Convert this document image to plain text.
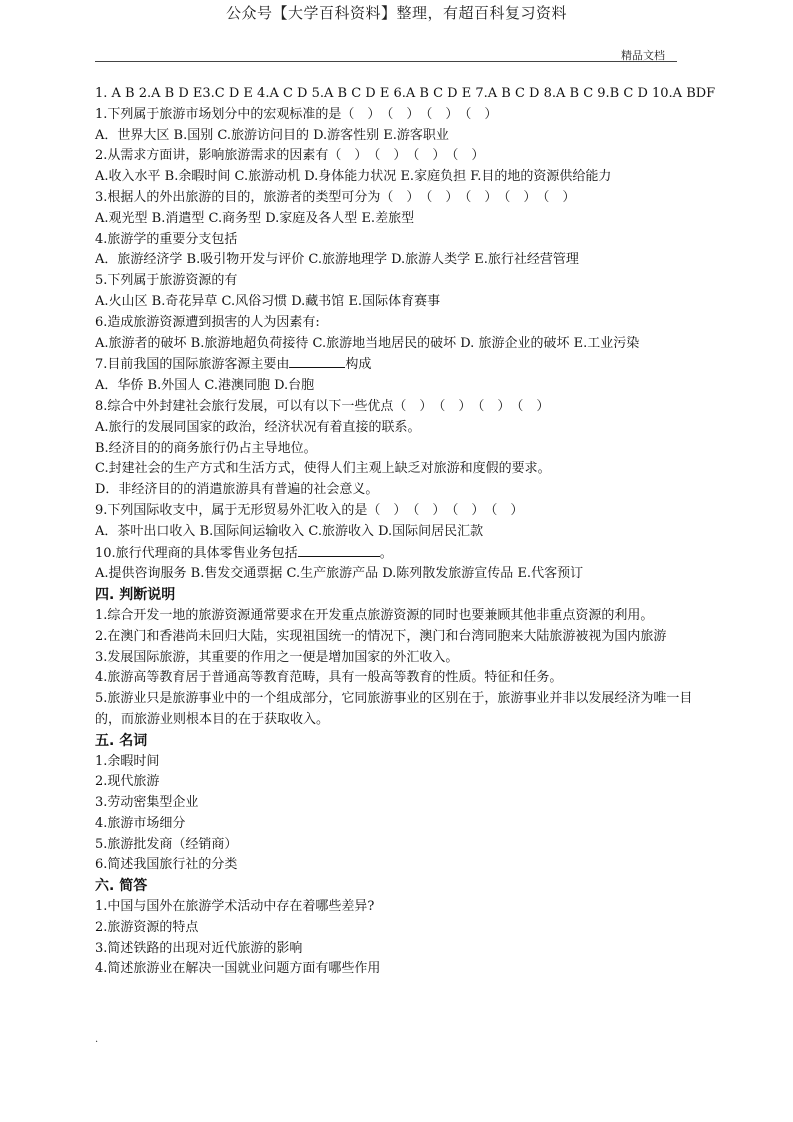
公众号【大学百科资料】整理，有超百科复习资料
精品文档
1. A B 2.A B D E3.C D E 4.A C D 5.A B C D E 6.A B C D E 7.A B C D 8.A B C 9.B C D 10.A BDF
1.下列属于旅游市场划分中的宏观标准的是（　）　（　）　（　）　（　）
A．世界大区 B.国别 C.旅游访问目的 D.游客性别 E.游客职业
2.从需求方面讲，影响旅游需求的因素有（　）　（　）　（　）　（　）
A.收入水平 B.余暇时间 C.旅游动机 D.身体能力状况 E.家庭负担 F.目的地的资源供给能力
3.根据人的外出旅游的目的，旅游者的类型可分为（　）　（　）　（　）　（　）　（　）
A.观光型 B.消遣型 C.商务型 D.家庭及各人型 E.差旅型
4.旅游学的重要分支包括
A．旅游经济学 B.吸引物开发与评价 C.旅游地理学 D.旅游人类学 E.旅行社经营管理
5.下列属于旅游资源的有
A.火山区 B.奇花异草 C.风俗习惯 D.藏书馆 E.国际体育赛事
6.造成旅游资源遭到损害的人为因素有:
A.旅游者的破坏 B.旅游地超负荷接待 C.旅游地当地居民的破坏 D. 旅游企业的破坏 E.工业污染
7.目前我国的国际旅游客源主要由	构成
A．华侨 B.外国人 C.港澳同胞 D.台胞
8.综合中外封建社会旅行发展，可以有以下一些优点（　）　（　）　（　）　（　）
A.旅行的发展同国家的政治，经济状况有着直接的联系。
B.经济目的的商务旅行仍占主导地位。
C.封建社会的生产方式和生活方式，使得人们主观上缺乏对旅游和度假的要求。
D．非经济目的的消遣旅游具有普遍的社会意义。
9.下列国际收支中，属于无形贸易外汇收入的是（　）　（　）　（　）　（　）
A．茶叶出口收入 B.国际间运输收入 C.旅游收入 D.国际间居民汇款
10.旅行代理商的具体零售业务包括	。
A.提供咨询服务 B.售发交通票据 C.生产旅游产品 D.陈列散发旅游宣传品 E.代客预订
四. 判断说明
1.综合开发一地的旅游资源通常要求在开发重点旅游资源的同时也要兼顾其他非重点资源的利用。
2.在澳门和香港尚未回归大陆，实现祖国统一的情况下，澳门和台湾同胞来大陆旅游被视为国内旅游
3.发展国际旅游，其重要的作用之一便是增加国家的外汇收入。
4.旅游高等教育居于普通高等教育范畴，具有一般高等教育的性质。特征和任务。
5.旅游业只是旅游事业中的一个组成部分，它同旅游事业的区别在于，旅游事业并非以发展经济为唯一目的，而旅游业则根本目的在于获取收入。
五. 名词
1.余暇时间
2.现代旅游
3.劳动密集型企业
4.旅游市场细分
5.旅游批发商（经销商）
6.简述我国旅行社的分类
六. 简答
1.中国与国外在旅游学术活动中存在着哪些差异?
2.旅游资源的特点
3.简述铁路的出现对近代旅游的影响
4.简述旅游业在解决一国就业问题方面有哪些作用
.
